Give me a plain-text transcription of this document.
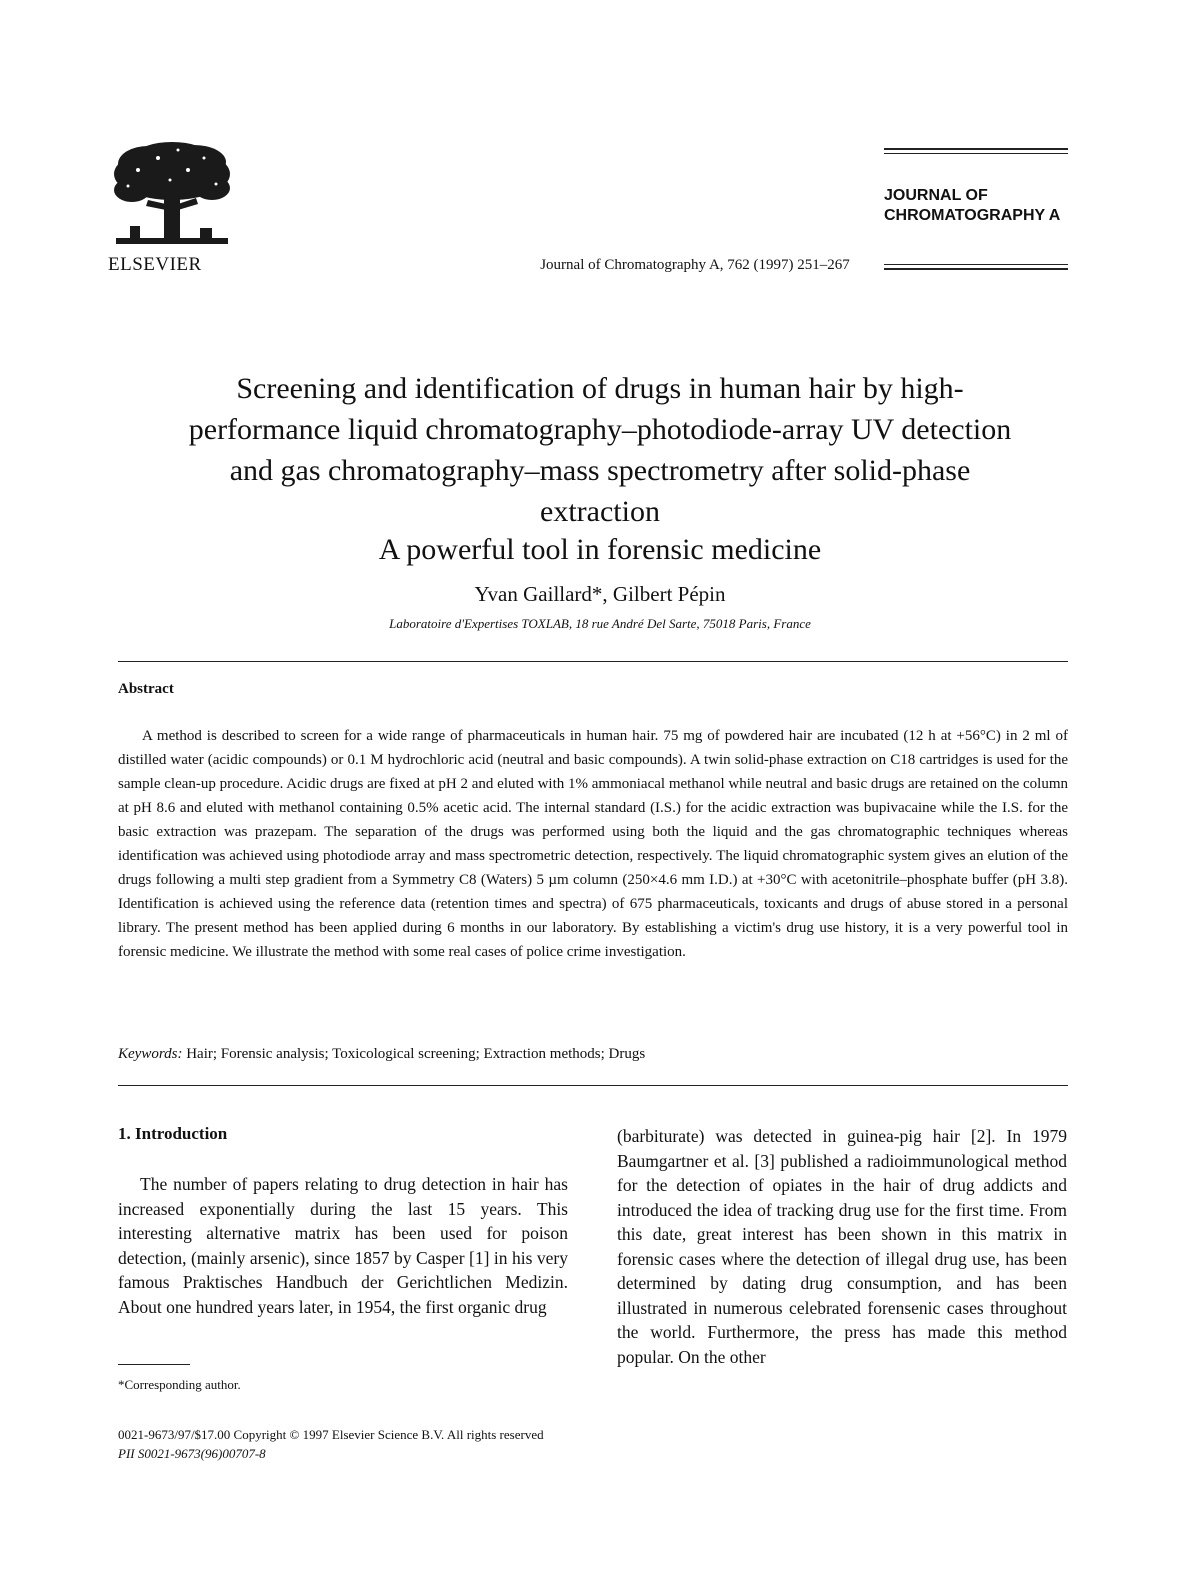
ELSEVIER	Journal of Chromatography A, 762 (1997) 251–267
JOURNAL OF
CHROMATOGRAPHY A
Screening and identification of drugs in human hair by high-
performance liquid chromatography–photodiode-array UV detection
and gas chromatography–mass spectrometry after solid-phase
extraction
A powerful tool in forensic medicine
Yvan Gaillard*, Gilbert Pépin
Laboratoire d'Expertises TOXLAB, 18 rue André Del Sarte, 75018 Paris, France
Abstract
A method is described to screen for a wide range of pharmaceuticals in human hair. 75 mg of powdered hair are incubated (12 h at +56°C) in 2 ml of distilled water (acidic compounds) or 0.1 M hydrochloric acid (neutral and basic compounds). A twin solid-phase extraction on C18 cartridges is used for the sample clean-up procedure. Acidic drugs are fixed at pH 2 and eluted with 1% ammoniacal methanol while neutral and basic drugs are retained on the column at pH 8.6 and eluted with methanol containing 0.5% acetic acid. The internal standard (I.S.) for the acidic extraction was bupivacaine while the I.S. for the basic extraction was prazepam. The separation of the drugs was performed using both the liquid and the gas chromatographic techniques whereas identification was achieved using photodiode array and mass spectrometric detection, respectively. The liquid chromatographic system gives an elution of the drugs following a multi step gradient from a Symmetry C8 (Waters) 5 µm column (250×4.6 mm I.D.) at +30°C with acetonitrile–phosphate buffer (pH 3.8). Identification is achieved using the reference data (retention times and spectra) of 675 pharmaceuticals, toxicants and drugs of abuse stored in a personal library. The present method has been applied during 6 months in our laboratory. By establishing a victim's drug use history, it is a very powerful tool in forensic medicine. We illustrate the method with some real cases of police crime investigation.
Keywords: Hair; Forensic analysis; Toxicological screening; Extraction methods; Drugs
1. Introduction
The number of papers relating to drug detection in hair has increased exponentially during the last 15 years. This interesting alternative matrix has been used for poison detection, (mainly arsenic), since 1857 by Casper [1] in his very famous Praktisches Handbuch der Gerichtlichen Medizin. About one hundred years later, in 1954, the first organic drug
(barbiturate) was detected in guinea-pig hair [2]. In 1979 Baumgartner et al. [3] published a radioimmunological method for the detection of opiates in the hair of drug addicts and introduced the idea of tracking drug use for the first time. From this date, great interest has been shown in this matrix in forensic cases where the detection of illegal drug use, has been determined by dating drug consumption, and has been illustrated in numerous celebrated forensenic cases throughout the world. Furthermore, the press has made this method popular. On the other
*Corresponding author.
0021-9673/97/$17.00 Copyright © 1997 Elsevier Science B.V. All rights reserved
PII S0021-9673(96)00707-8
